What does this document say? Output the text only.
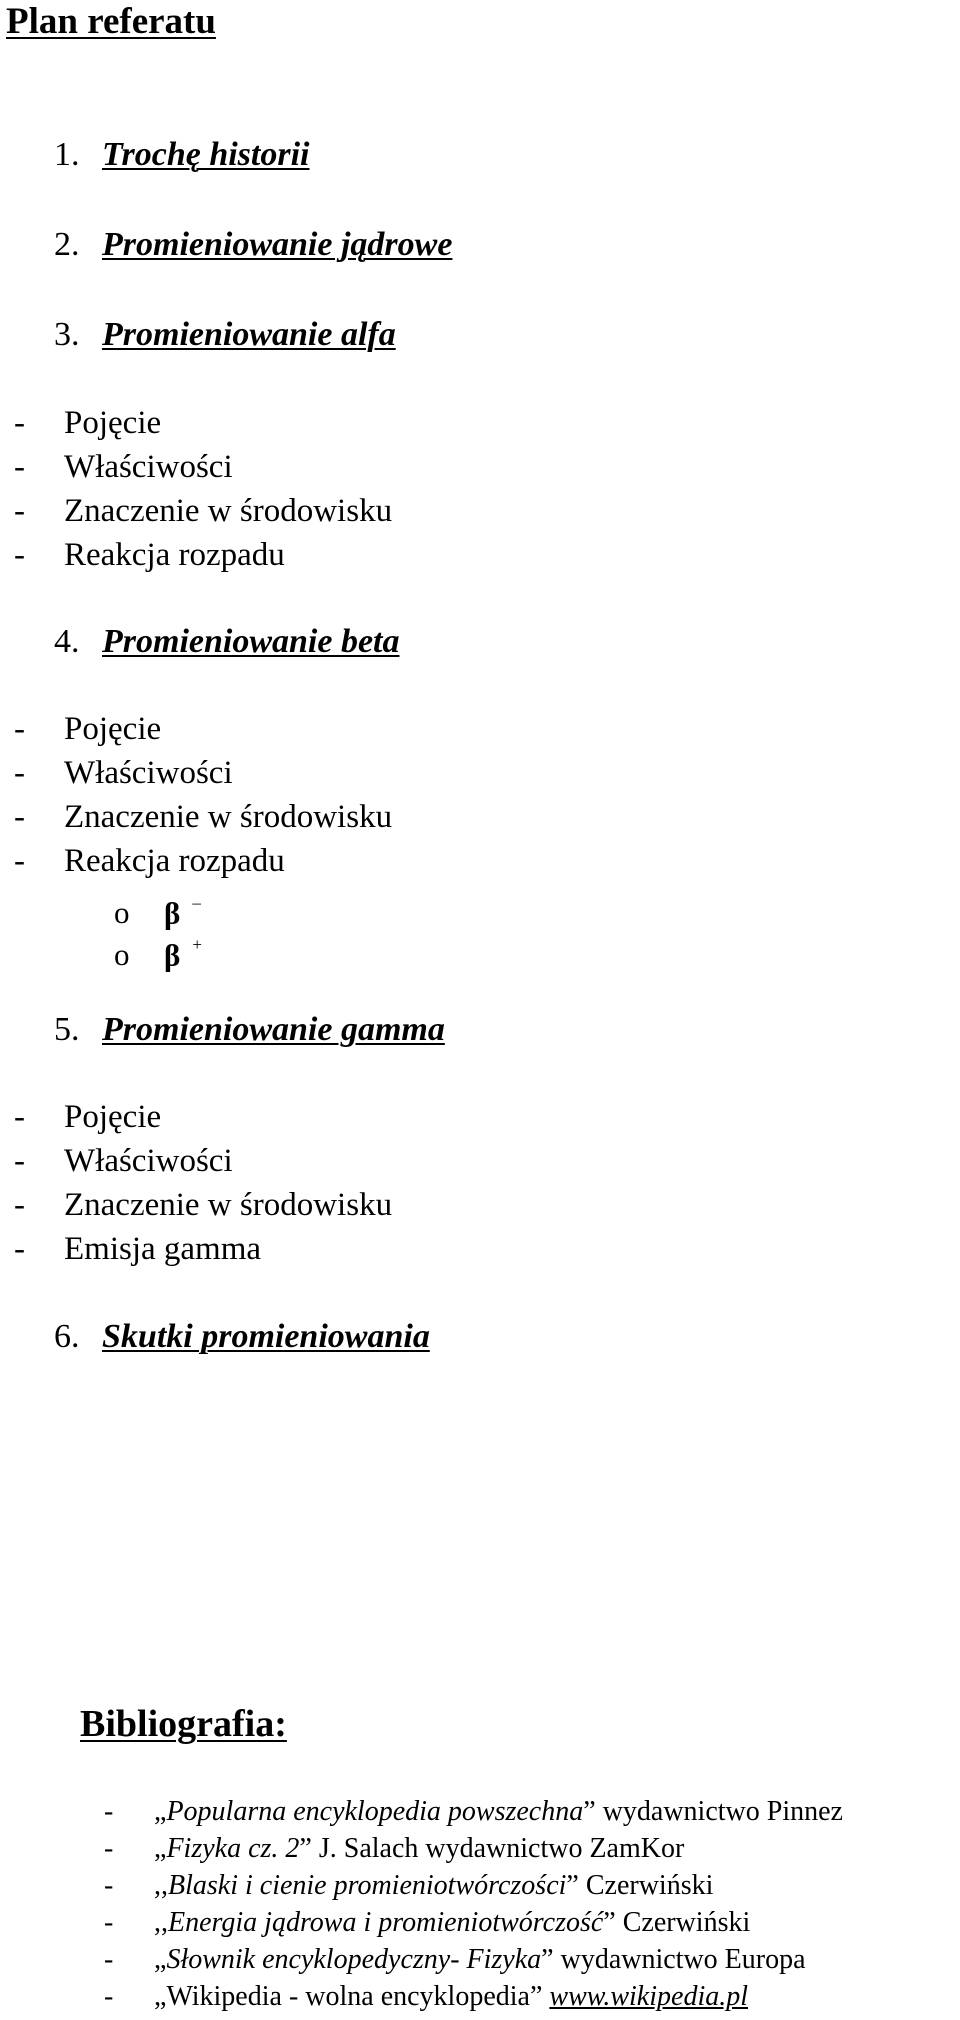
Plan referatu
1. Trochę historii
2. Promieniowanie jądrowe
3. Promieniowanie alfa
- Pojęcie
- Właściwości
- Znaczenie w środowisku
- Reakcja rozpadu
4. Promieniowanie beta
- Pojęcie
- Właściwości
- Znaczenie w środowisku
- Reakcja rozpadu
o β –
o β +
5. Promieniowanie gamma
- Pojęcie
- Właściwości
- Znaczenie w środowisku
- Emisja gamma
6. Skutki promieniowania
Bibliografia:
- „Popularna encyklopedia powszechna” wydawnictwo Pinnez
- „Fizyka cz. 2” J. Salach wydawnictwo ZamKor
- ,,Blaski i cienie promieniotwórczości” Czerwiński
- ,,Energia jądrowa i promieniotwórczość” Czerwiński
- „Słownik encyklopedyczny- Fizyka” wydawnictwo Europa
- „Wikipedia - wolna encyklopedia” www.wikipedia.pl
